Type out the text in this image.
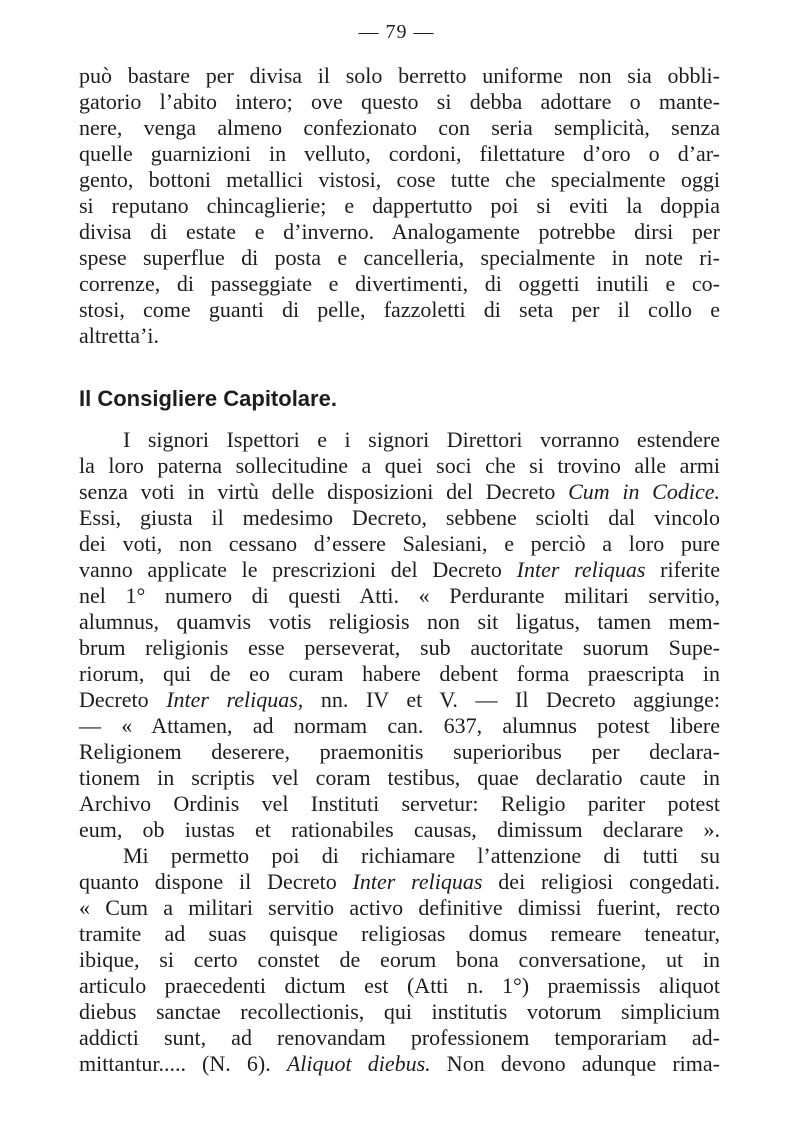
— 79 —
può bastare per divisa il solo berretto uniforme non sia obbli-
gatorio l’abito intero; ove questo si debba adottare o mante-
nere, venga almeno confezionato con seria semplicità, senza
quelle guarnizioni in velluto, cordoni, filettature d’oro o d’ar-
gento, bottoni metallici vistosi, cose tutte che specialmente oggi
si reputano chincaglierie; e dappertutto poi si eviti la doppia
divisa di estate e d’inverno. Analogamente potrebbe dirsi per
spese superflue di posta e cancelleria, specialmente in note ri-
correnze, di passeggiate e divertimenti, di oggetti inutili e co-
stosi, come guanti di pelle, fazzoletti di seta per il collo e
altretta’i.
Il Consigliere Capitolare.
I signori Ispettori e i signori Direttori vorranno estendere
la loro paterna sollecitudine a quei soci che si trovino alle armi
senza voti in virtù delle disposizioni del Decreto Cum in Codice.
Essi, giusta il medesimo Decreto, sebbene sciolti dal vincolo
dei voti, non cessano d’essere Salesiani, e perciò a loro pure
vanno applicate le prescrizioni del Decreto Inter reliquas riferite
nel 1° numero di questi Atti. « Perdurante militari servitio,
alumnus, quamvis votis religiosis non sit ligatus, tamen mem-
brum religionis esse perseverat, sub auctoritate suorum Supe-
riorum, qui de eo curam habere debent forma praescripta in
Decreto Inter reliquas, nn. IV et V. — Il Decreto aggiunge:
— « Attamen, ad normam can. 637, alumnus potest libere
Religionem deserere, praemonitis superioribus per declara-
tionem in scriptis vel coram testibus, quae declaratio caute in
Archivo Ordinis vel Instituti servetur: Religio pariter potest
eum, ob iustas et rationabiles causas, dimissum declarare ».
Mi permetto poi di richiamare l’attenzione di tutti su
quanto dispone il Decreto Inter reliquas dei religiosi congedati.
« Cum a militari servitio activo definitive dimissi fuerint, recto
tramite ad suas quisque religiosas domus remeare teneatur,
ibique, si certo constet de eorum bona conversatione, ut in
articulo praecedenti dictum est (Atti n. 1°) praemissis aliquot
diebus sanctae recollectionis, qui institutis votorum simplicium
addicti sunt, ad renovandam professionem temporariam ad-
mittantur..... (N. 6). Aliquot diebus. Non devono adunque rima-
